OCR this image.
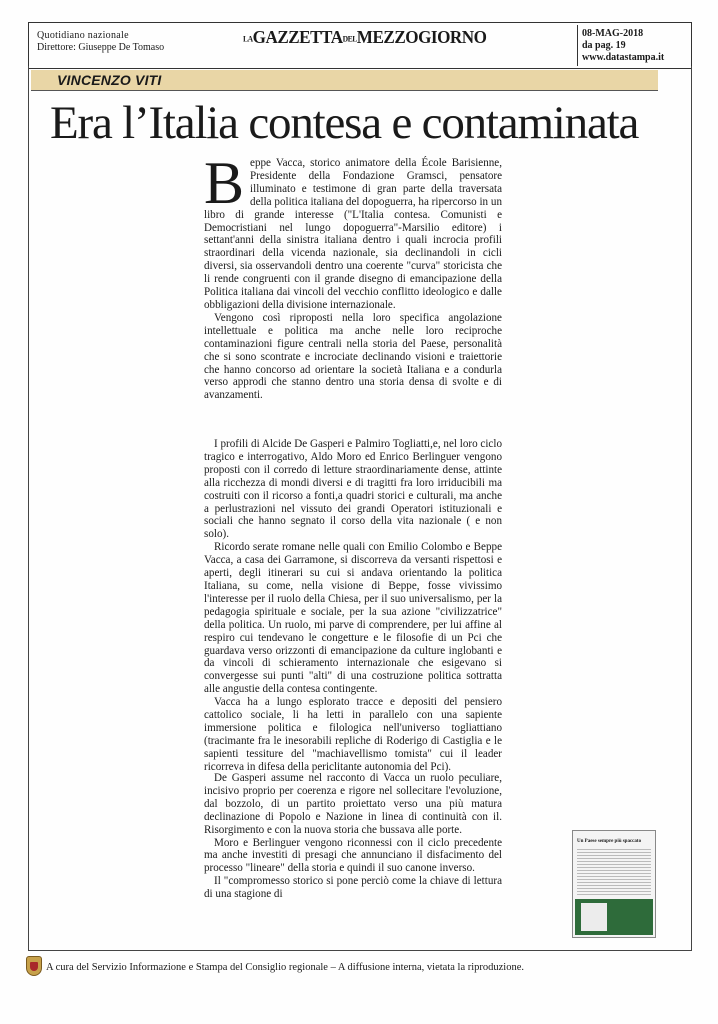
Quotidiano nazionale
Direttore: Giuseppe De Tomaso
LAGAZZETTADELMEZZOGIORNO	08-MAG-2018
da pag. 19
www.datastampa.it
VINCENZO VITI
Era l’Italia contesa e contaminata
B eppe Vacca, storico animatore della École Barisienne, Presidente della Fondazione Gramsci, pensatore illuminato e testimone di gran parte della traversata della politica italiana del dopoguerra, ha ripercorso in un libro di grande interesse ("L'Italia contesa. Comunisti e Democristiani nel lungo dopoguerra"-Marsilio editore) i settant'anni della sinistra italiana dentro i quali incrocia profili straordinari della vicenda nazionale, sia declinandoli in cicli diversi, sia osservandoli dentro una coerente "curva" storicista che li rende congruenti con il grande disegno di emancipazione della Politica italiana dai vincoli del vecchio conflitto ideologico e dalle obbligazioni della divisione internazionale.

Vengono così riproposti nella loro specifica angolazione intellettuale e politica ma anche nelle loro reciproche contaminazioni figure centrali nella storia del Paese, personalità che si sono scontrate e incrociate declinando visioni e traiettorie che hanno concorso ad orientare la società Italiana e a condurla verso approdi che stanno dentro una storia densa di svolte e di avanzamenti.

I profili di Alcide De Gasperi e Palmiro Togliatti,e, nel loro ciclo tragico e interrogativo, Aldo Moro ed Enrico Berlinguer vengono proposti con il corredo di letture straordinariamente dense, attinte alla ricchezza di mondi diversi e di tragitti fra loro irriducibili ma costruiti con il ricorso a fonti,a quadri storici e culturali, ma anche a perlustrazioni nel vissuto dei grandi Operatori istituzionali e sociali che hanno segnato il corso della vita nazionale ( e non solo).

Ricordo serate romane nelle quali con Emilio Colombo e Beppe Vacca, a casa dei Garramone, si discorreva da versanti rispettosi e aperti, degli itinerari su cui si andava orientando la politica Italiana, su come, nella visione di Beppe, fosse vivissimo l'interesse per il ruolo della Chiesa, per il suo universalismo, per la pedagogia spirituale e sociale, per la sua azione "civilizzatrice" della politica. Un ruolo, mi parve di comprendere, per lui affine al respiro cui tendevano le congetture e le filosofie di un Pci che guardava verso orizzonti di emancipazione da culture inglobanti e da vincoli di schieramento internazionale che esigevano si convergesse sui punti "alti" di una costruzione politica sottratta alle angustie della contesa contingente.

Vacca ha a lungo esplorato tracce e depositi del pensiero cattolico sociale, li ha letti in parallelo con una sapiente immersione politica e filologica nell'universo togliattiano (tracimante fra le inesorabili repliche di Roderigo di Castiglia e le sapienti tessiture del "machiavellismo tomista" cui il leader ricorreva in difesa della periclitante autonomia del Pci).

De Gasperi assume nel racconto di Vacca un ruolo peculiare, incisivo proprio per coerenza e rigore nel sollecitare l'evoluzione, dal bozzolo, di un partito proiettato verso una più matura declinazione di Popolo e Nazione in linea di continuità con il. Risorgimento e con la nuova storia che bussava alle porte.

Moro e Berlinguer vengono riconnessi con il ciclo precedente ma anche investiti di presagi che annunciano il disfacimento del processo "lineare" della storia e quindi il suo canone inverso.

Il "compromesso storico si pone perciò come la chiave di lettura di una stagione di

Un Paese sempre più spaccato
A cura del Servizio Informazione e Stampa del Consiglio regionale – A diffusione interna, vietata la riproduzione.
